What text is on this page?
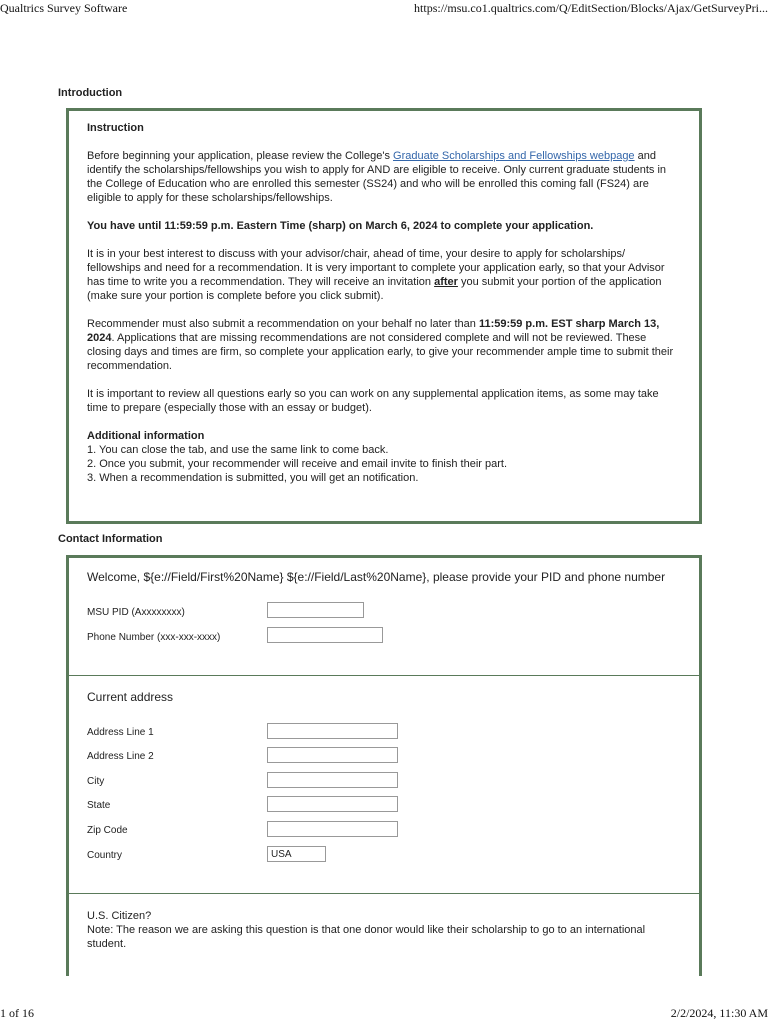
Qualtrics Survey Software	https://msu.co1.qualtrics.com/Q/EditSection/Blocks/Ajax/GetSurveyPri...
Introduction

Instruction

Before beginning your application, please review the College's Graduate Scholarships and Fellowships webpage and identify the scholarships/fellowships you wish to apply for AND are eligible to receive. Only current graduate students in the College of Education who are enrolled this semester (SS24) and who will be enrolled this coming fall (FS24) are eligible to apply for these scholarships/fellowships.

You have until 11:59:59 p.m. Eastern Time (sharp) on March 6, 2024 to complete your application.

It is in your best interest to discuss with your advisor/chair, ahead of time, your desire to apply for scholarships/ fellowships and need for a recommendation. It is very important to complete your application early, so that your Advisor has time to write you a recommendation. They will receive an invitation after you submit your portion of the application (make sure your portion is complete before you click submit).

Recommender must also submit a recommendation on your behalf no later than 11:59:59 p.m. EST sharp March 13, 2024. Applications that are missing recommendations are not considered complete and will not be reviewed. These closing days and times are firm, so complete your application early, to give your recommender ample time to submit their recommendation.

It is important to review all questions early so you can work on any supplemental application items, as some may take time to prepare (especially those with an essay or budget).

Additional information
1. You can close the tab, and use the same link to come back.
2. Once you submit, your recommender will receive and email invite to finish their part.
3. When a recommendation is submitted, you will get an notification.
Contact Information
Welcome, ${e://Field/First%20Name} ${e://Field/Last%20Name}, please provide your PID and phone number
MSU PID (Axxxxxxxx)
Phone Number (xxx-xxx-xxxx)
Current address
Address Line 1
Address Line 2
City
State
Zip Code
Country
USA
U.S. Citizen?
Note: The reason we are asking this question is that one donor would like their scholarship to go to an international student.
1 of 16	2/2/2024, 11:30 AM
